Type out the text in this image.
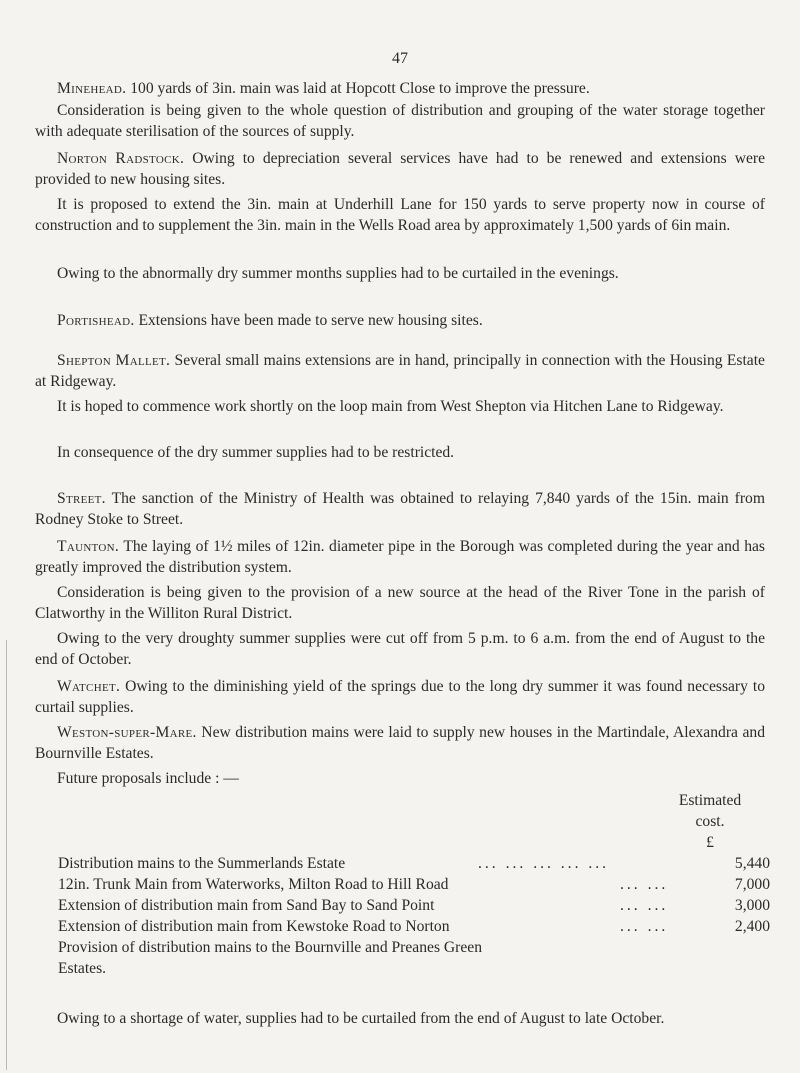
47
Minehead. 100 yards of 3in. main was laid at Hopcott Close to improve the pressure.
Consideration is being given to the whole question of distribution and grouping of the water storage together with adequate sterilisation of the sources of supply.
Norton Radstock. Owing to depreciation several services have had to be renewed and extensions were provided to new housing sites.
It is proposed to extend the 3in. main at Underhill Lane for 150 yards to serve property now in course of construction and to supplement the 3in. main in the Wells Road area by approximately 1,500 yards of 6in main.
Owing to the abnormally dry summer months supplies had to be curtailed in the evenings.
Portishead. Extensions have been made to serve new housing sites.
Shepton Mallet. Several small mains extensions are in hand, principally in connection with the Housing Estate at Ridgeway.
It is hoped to commence work shortly on the loop main from West Shepton via Hitchen Lane to Ridgeway.
In consequence of the dry summer supplies had to be restricted.
Street. The sanction of the Ministry of Health was obtained to relaying 7,840 yards of the 15in. main from Rodney Stoke to Street.
Taunton. The laying of 1½ miles of 12in. diameter pipe in the Borough was completed during the year and has greatly improved the distribution system.
Consideration is being given to the provision of a new source at the head of the River Tone in the parish of Clatworthy in the Williton Rural District.
Owing to the very droughty summer supplies were cut off from 5 p.m. to 6 a.m. from the end of August to the end of October.
Watchet. Owing to the diminishing yield of the springs due to the long dry summer it was found necessary to curtail supplies.
Weston-super-Mare. New distribution mains were laid to supply new houses in the Martindale, Alexandra and Bournville Estates.
Future proposals include : —
Estimated
cost.
£
Distribution mains to the Summerlands Estate	... ... ... ... ...	5,440
12in. Trunk Main from Waterworks, Milton Road to Hill Road	... ...	7,000
Extension of distribution main from Sand Bay to Sand Point	... ...	3,000
Extension of distribution main from Kewstoke Road to Norton	... ...	2,400
Provision of distribution mains to the Bournville and Preanes Green
Estates.
Owing to a shortage of water, supplies had to be curtailed from the end of August to late October.
